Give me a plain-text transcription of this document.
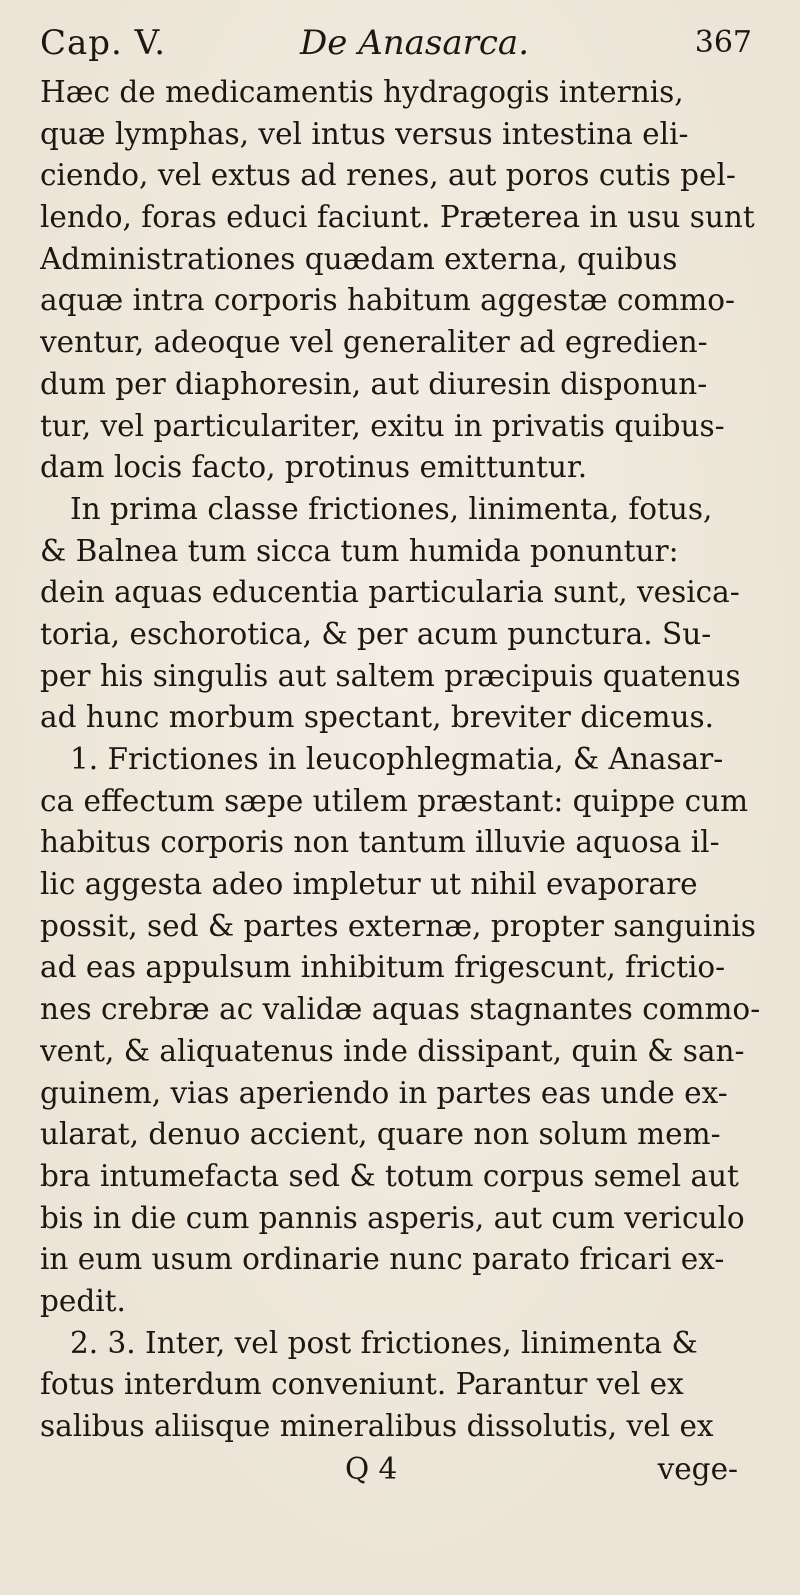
Cap. V.	De Anasarca.	367
Hæc de medicamentis hydragogis internis,
quæ lymphas, vel intus versus intestina eli-
ciendo, vel extus ad renes, aut poros cutis pel-
lendo, foras educi faciunt. Præterea in usu sunt
Administrationes quædam externa, quibus
aquæ intra corporis habitum aggestæ commo-
ventur, adeoque vel generaliter ad egredien-
dum per diaphoresin, aut diuresin disponun-
tur, vel particulariter, exitu in privatis quibus-
dam locis facto, protinus emittuntur.
In prima classe frictiones, linimenta, fotus,
& Balnea tum sicca tum humida ponuntur:
dein aquas educentia particularia sunt, vesica-
toria, eschorotica, & per acum punctura. Su-
per his singulis aut saltem præcipuis quatenus
ad hunc morbum spectant, breviter dicemus.
1. Frictiones in leucophlegmatia, & Anasar-
ca effectum sæpe utilem præstant: quippe cum
habitus corporis non tantum illuvie aquosa il-
lic aggesta adeo impletur ut nihil evaporare
possit, sed & partes externæ, propter sanguinis
ad eas appulsum inhibitum frigescunt, frictio-
nes crebræ ac validæ aquas stagnantes commo-
vent, & aliquatenus inde dissipant, quin & san-
guinem, vias aperiendo in partes eas unde ex-
ularat, denuo accient, quare non solum mem-
bra intumefacta sed & totum corpus semel aut
bis in die cum pannis asperis, aut cum vericulo
in eum usum ordinarie nunc parato fricari ex-
pedit.
2. 3. Inter, vel post frictiones, linimenta &
fotus interdum conveniunt. Parantur vel ex
salibus aliisque mineralibus dissolutis, vel ex
Q 4	vege-
